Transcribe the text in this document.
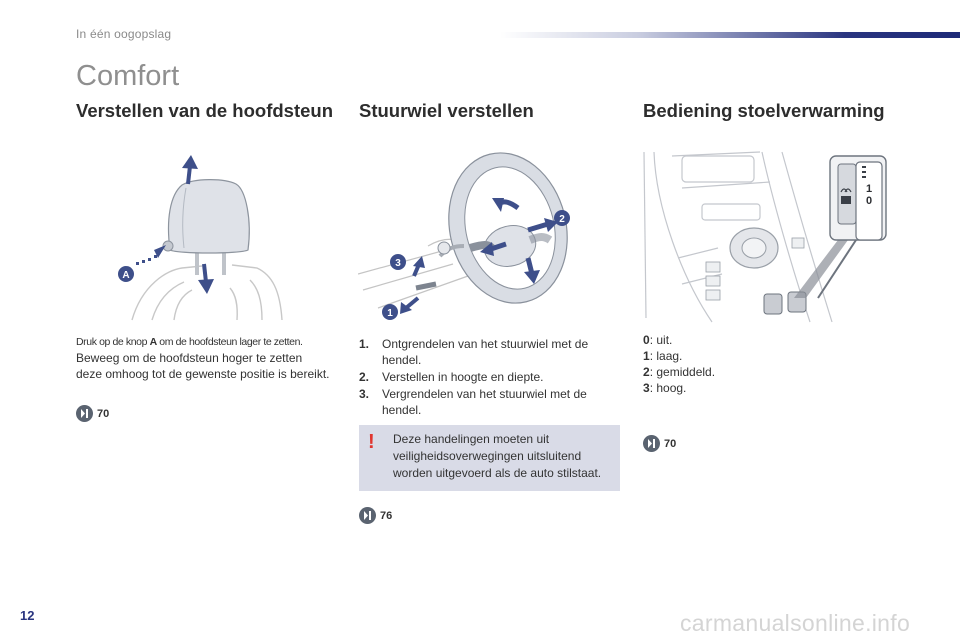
In één oogopslag
Comfort
Verstellen van de hoofdsteun Stuurwiel verstellen	Bediening stoelverwarming
A
Druk op de knop A om de hoofdsteun lager te zetten.
Beweeg om de hoofdsteun hoger te zetten
deze omhoog tot de gewenste positie is bereikt.
70
1
2
3
1.	Ontgrendelen van het stuurwiel met de hendel.
2.	Verstellen in hoogte en diepte.
3.	Vergrendelen van het stuurwiel met de hendel.
! Deze handelingen moeten uit veiligheidsoverwegingen uitsluitend worden uitgevoerd als de auto stilstaat.
76
1
0
0: uit.
1: laag.
2: gemiddeld.
3: hoog.
70
12	carmanualsonline.info
